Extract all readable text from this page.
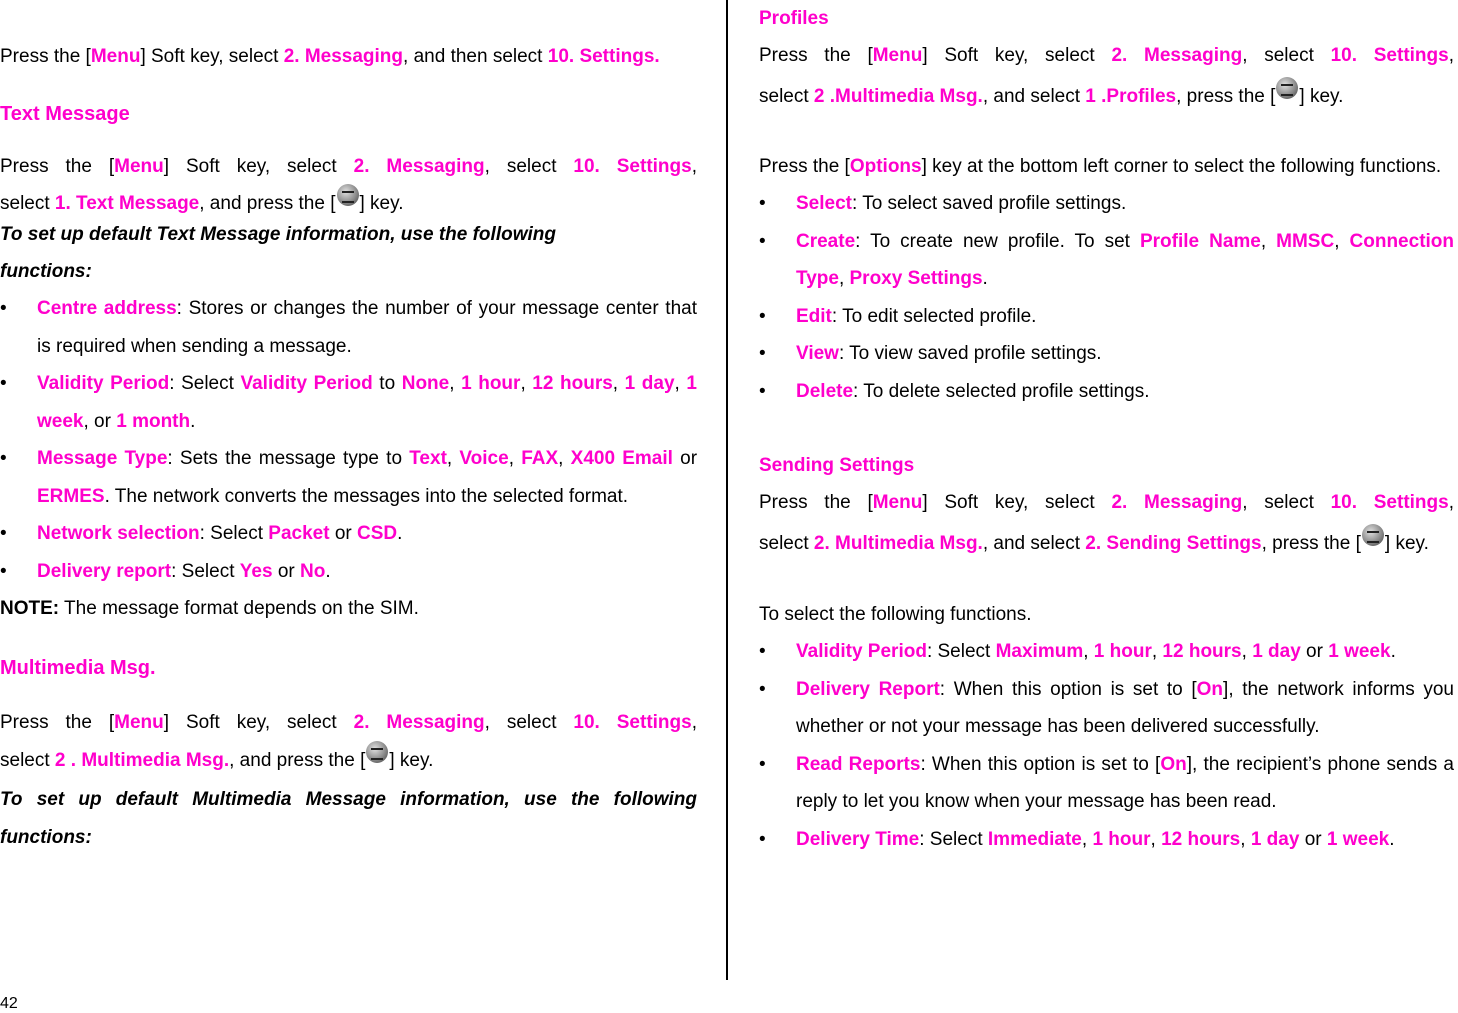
Press the [Menu] Soft key, select 2. Messaging, and then select 10. Settings.

Text Message

Press the [Menu] Soft key, select 2. Messaging, select 10. Settings,

select 1. Text Message, and press the [ ] key.

To set up default Text Message information, use the following
functions:

• Centre address: Stores or changes the number of your message center that is required when sending a message.
• Validity Period: Select Validity Period to None, 1 hour, 12 hours, 1 day, 1 week, or 1 month.
• Message Type: Sets the message type to Text, Voice, FAX, X400 Email or ERMES. The network converts the messages into the selected format.
• Network selection: Select Packet or CSD.
• Delivery report: Select Yes or No.

NOTE: The message format depends on the SIM.

Multimedia Msg.

Press the [Menu] Soft key, select 2. Messaging, select 10. Settings,

select 2 . Multimedia Msg., and press the [ ] key.

To set up default Multimedia Message information, use the following functions:

Profiles

Press the [Menu] Soft key, select 2. Messaging, select 10. Settings,

select 2 .Multimedia Msg., and select 1 .Profiles, press the [ ] key.

Press the [Options] key at the bottom left corner to select the following functions.

• Select: To select saved profile settings.
• Create: To create new profile. To set Profile Name, MMSC, Connection Type, Proxy Settings.
• Edit: To edit selected profile.
• View: To view saved profile settings.
• Delete: To delete selected profile settings.
Sending Settings

Press the [Menu] Soft key, select 2. Messaging, select 10. Settings,

select 2. Multimedia Msg., and select 2. Sending Settings, press the [ ] key.

To select the following functions.

• Validity Period: Select Maximum, 1 hour, 12 hours, 1 day or 1 week.
• Delivery Report: When this option is set to [On], the network informs you whether or not your message has been delivered successfully.
• Read Reports: When this option is set to [On], the recipient’s phone sends a reply to let you know when your message has been read.
• Delivery Time: Select Immediate, 1 hour, 12 hours, 1 day or 1 week.
42
